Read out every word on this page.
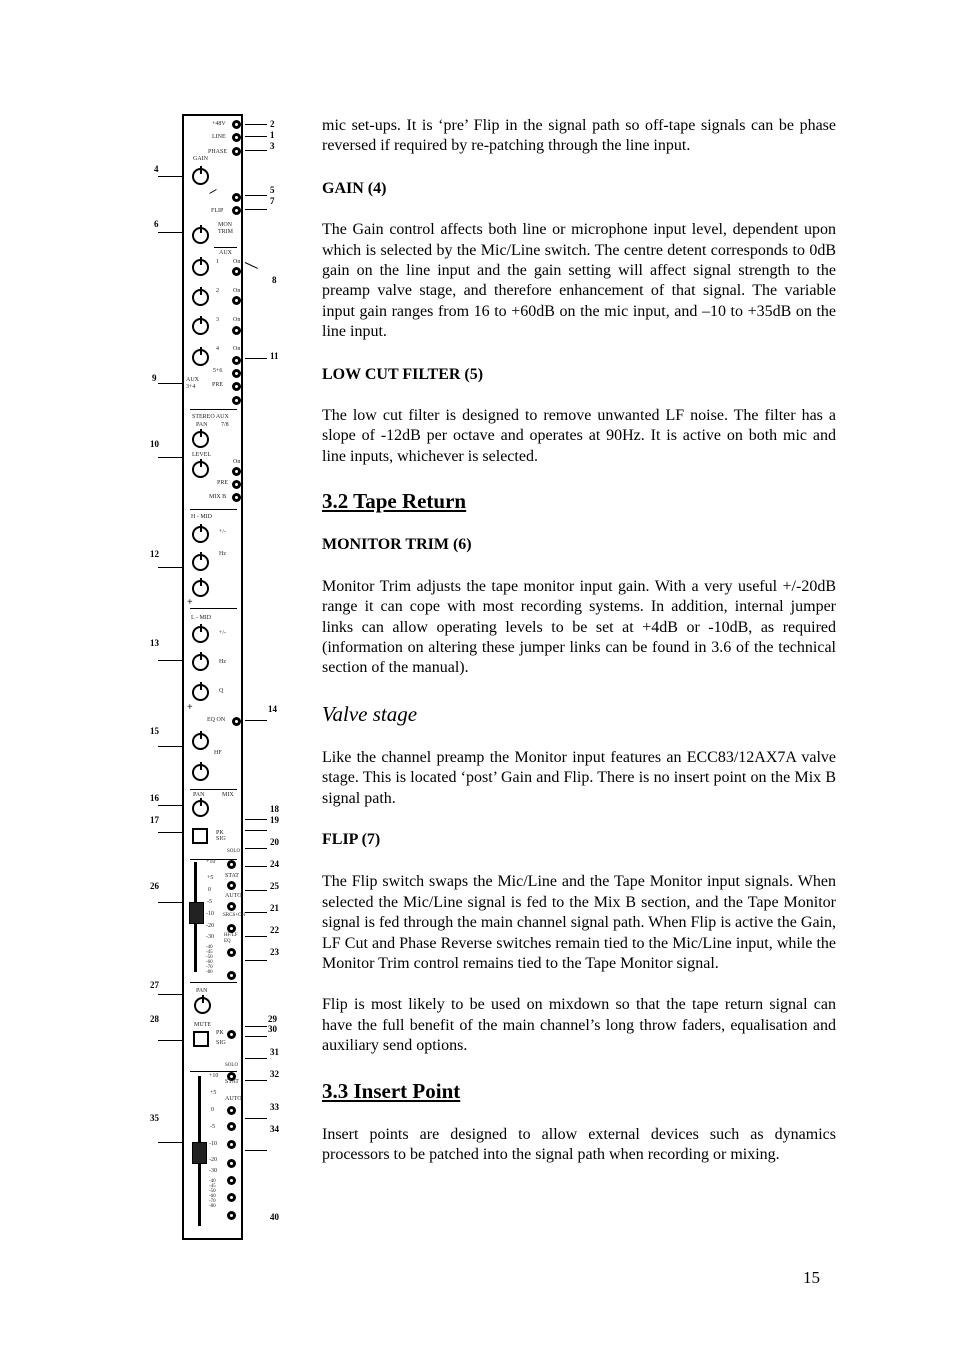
+48V
LINE
PHASE
GAIN
FLIP
MON
TRIM
AUX
1 On
2 On
3 On
4 On
5+6
AUX
3+4	PRE
STEREO AUX
PAN 7/8
LEVEL
On
PRE
MIX B
H - MID
+/-
Hz
+
L - MID
+/-
Hz
Q
+
EQ ON
HF
PAN	MIX
PK
SIG
SOLO
+10
+5
0
-5
-10
-20
-30
-40
-45
-50
-60
-70
-80
STAT
AUTO
SRCS+CH
HF/LF
EQ
PAN
MUTE
PK
SIG
SOLO
+10
+5
0
-5
-10
-20
-30
-40
-45
-50
-60
-70
-80
STAT
AUTO
2
1
3
4
5
7
6
8
11
9
10
12
13
14
15
16
17
18
19
20
24
26	25
21
22
23
27
28	29
30
31
32
35
33
34
40

mic set-ups. It is ‘pre’ Flip in the signal path so off-tape signals can be phase reversed if required by re-patching through the line input.

GAIN (4)

The Gain control affects both line or microphone input level, dependent upon which is selected by the Mic/Line switch. The centre detent corresponds to 0dB gain on the line input and the gain setting will affect signal strength to the preamp valve stage, and therefore enhancement of that signal. The variable input gain ranges from 16 to +60dB on the mic input, and –10 to +35dB on the line input.

LOW CUT FILTER (5)

The low cut filter is designed to remove unwanted LF noise. The filter has a slope of -12dB per octave and operates at 90Hz. It is active on both mic and line inputs, whichever is selected.

3.2 Tape Return

MONITOR TRIM (6)

Monitor Trim adjusts the tape monitor input gain. With a very useful +/-20dB range it can cope with most recording systems. In addition, internal jumper links can allow operating levels to be set at +4dB or -10dB, as required (information on altering these jumper links can be found in 3.6 of the technical section of the manual).

Valve stage

Like the channel preamp the Monitor input features an ECC83/12AX7A valve stage. This is located ‘post’ Gain and Flip. There is no insert point on the Mix B signal path.

FLIP (7)

The Flip switch swaps the Mic/Line and the Tape Monitor input signals. When selected the Mic/Line signal is fed to the Mix B section, and the Tape Monitor signal is fed through the main channel signal path. When Flip is active the Gain, LF Cut and Phase Reverse switches remain tied to the Mic/Line input, while the Monitor Trim control remains tied to the Tape Monitor signal.

Flip is most likely to be used on mixdown so that the tape return signal can have the full benefit of the main channel’s long throw faders, equalisation and auxiliary send options.

3.3 Insert Point

Insert points are designed to allow external devices such as dynamics processors to be patched into the signal path when recording or mixing.

15
